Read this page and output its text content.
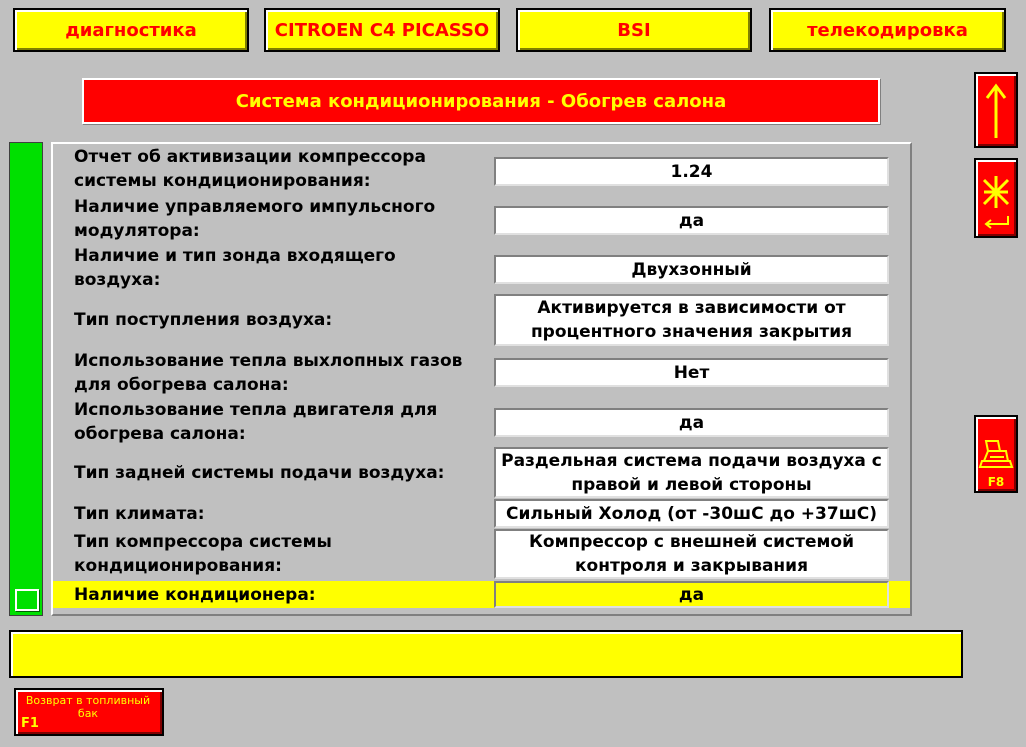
диагностика	CITROEN C4 PICASSO	BSI	телекодировка
Система кондиционирования - Обогрев салона
F8
Отчет об активизации компрессора системы кондиционирования:	1.24
Наличие управляемого импульсного модулятора:	да
Наличие и тип зонда входящего воздуха:	Двухзонный
Тип поступления воздуха:
Активируется в зависимости от процентного значения закрытия
Использование тепла выхлопных газов для обогрева салона:
Нет
Использование тепла двигателя для обогрева салона:
да
Тип задней системы подачи воздуха:
Раздельная система подачи воздуха с правой и левой стороны
Тип климата:	Сильный Холод (от -30шС до +37шС)
Тип компрессора системы кондиционирования:
Компрессор с внешней системой контроля и закрывания
Наличие кондиционера:	да
Возврат в топливный бак
F1
